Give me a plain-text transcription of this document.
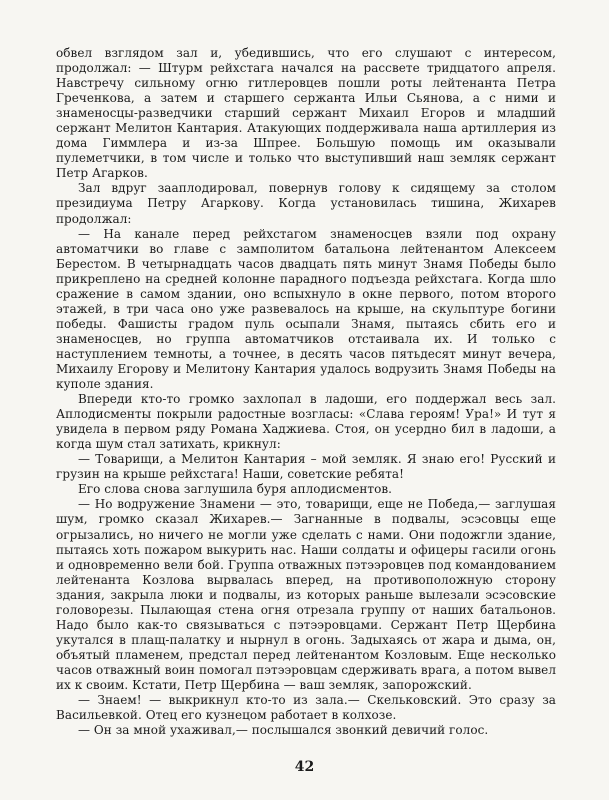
обвел взглядом зал и, убедившись, что его слушают с интересом, продолжал: — Штурм рейхстага начался на рассвете тридцатого апреля. Навстречу сильному огню гитлеровцев пошли роты лейтенанта Петра Греченкова, а затем и старшего сержанта Ильи Сьянова, а с ними и знаменосцы-разведчики старший сержант Михаил Егоров и младший сержант Мелитон Кантария. Атакующих поддерживала наша артиллерия из дома Гиммлера и из-за Шпрее. Большую помощь им оказывали пулеметчики, в том числе и только что выступивший наш земляк сержант Петр Агарков.

Зал вдруг зааплодировал, повернув голову к сидящему за столом президиума Петру Агаркову. Когда установилась тишина, Жихарев продолжал:

— На канале перед рейхстагом знаменосцев взяли под охрану автоматчики во главе с замполитом батальона лейтенантом Алексеем Берестом. В четырнадцать часов двадцать пять минут Знамя Победы было прикреплено на средней колонне парадного подъезда рейхстага. Когда шло сражение в самом здании, оно вспыхнуло в окне первого, потом второго этажей, в три часа оно уже развевалось на крыше, на скульптуре богини победы. Фашисты градом пуль осыпали Знамя, пытаясь сбить его и знаменосцев, но группа автоматчиков отстаивала их. И только с наступлением темноты, а точнее, в десять часов пятьдесят минут вечера, Михаилу Егорову и Мелитону Кантария удалось водрузить Знамя Победы на куполе здания.

Впереди кто-то громко захлопал в ладоши, его поддержал весь зал. Аплодисменты покрыли радостные возгласы: «Слава героям! Ура!» И тут я увидела в первом ряду Романа Хаджиева. Стоя, он усердно бил в ладоши, а когда шум стал затихать, крикнул:

— Товарищи, а Мелитон Кантария – мой земляк. Я знаю его! Русский и грузин на крыше рейхстага! Наши, советские ребята!

Его слова снова заглушила буря аплодисментов.

— Но водружение Знамени — это, товарищи, еще не Победа,— заглушая шум, громко сказал Жихарев.— Загнанные в подвалы, эсэсовцы еще огрызались, но ничего не могли уже сделать с нами. Они подожгли здание, пытаясь хоть пожаром выкурить нас. Наши солдаты и офицеры гасили огонь и одновременно вели бой. Группа отважных пэтээровцев под командованием лейтенанта Козлова вырвалась вперед, на противоположную сторону здания, закрыла люки и подвалы, из которых раньше вылезали эсэсовские головорезы. Пылающая стена огня отрезала группу от наших батальонов. Надо было как-то связываться с пэтээровцами. Сержант Петр Щербина укутался в плащ-палатку и нырнул в огонь. Задыхаясь от жара и дыма, он, объятый пламенем, предстал перед лейтенантом Козловым. Еще несколько часов отважный воин помогал пэтээровцам сдерживать врага, а потом вывел их к своим. Кстати, Петр Щербина — ваш земляк, запорожский.

— Знаем! — выкрикнул кто-то из зала.— Скельковский. Это сразу за Васильевкой. Отец его кузнецом работает в колхозе.

— Он за мной ухаживал,— послышался звонкий девичий голос.

42
